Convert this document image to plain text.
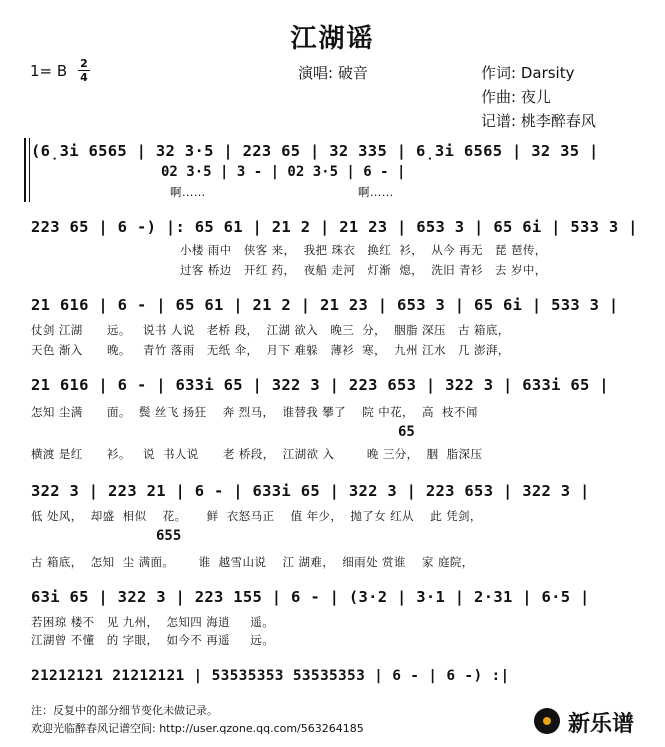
江湖谣
1= B 2
4	演唱: 破音	作词: Darsity
作曲: 夜儿
记谱: 桃李醉春风
(6̣3i 6565 | 32 3·5 | 223 65 | 32 335 | 6̣3i 6565 | 32 35 |
02 3·5 | 3 - | 02 3·5 | 6 - |
啊……	啊……
223 65 | 6 -) |: 65 61 | 21 2 | 21 23 | 653 3 | 65 6i | 533 3 |
小楼 雨中   侠客 来，  我把 珠衣   换红  衫，  从今 再无   琵 琶传，
过客 桥边   开红 药，  夜船 走河   灯渐  熄，  洗旧 青衫   去 岁中，
21 616 | 6 - | 65 61 | 21 2 | 21 23 | 653 3 | 65 6i | 533 3 |
仗剑 江湖      远。   说书 人说   老桥 段，  江湖 欲入   晚三  分，  胭脂 深压   古 箱底，
天色 渐入      晚。   青竹 落雨   无纸 伞，  月下 难躲   薄衫  寒，  九州 江水   几 澎湃，
21 616 | 6 - | 633i 65 | 322 3 | 223 653 | 322 3 | 633i 65 |
怎知 尘满      面。  鬓 丝飞 扬狂    奔 烈马，  谁替我 攀了    院 中花，  高  枝不闻
65
横渡 是红      衫。   说  书人说      老 桥段，  江湖欲 入        晚 三分，  胭  脂深压
322 3 | 223 21 | 6 - | 633i 65 | 322 3 | 223 653 | 322 3 |
低 处风，  却盛  相似    花。     鲜  衣怒马正    值 年少，  抛了女 红从    此 凭剑，
655
古 箱底，  怎知  尘 满面。      谁  越雪山说    江 湖难，  细雨处 赏谁    家 庭院，
63i 65 | 322 3 | 223 155 | 6 - | (3·2 | 3·1 | 2·31 | 6·5 |
若困琼 楼不   见 九州，  怎知四 海逍     遥。
江湖曾 不懂   的 字眼，  如今不 再遥     远。
21212121 21212121 | 53535353 53535353 | 6 - | 6 -) :|
注：反复中的部分细节变化未做记录。
欢迎光临醉春风记谱空间: http://user.qzone.qq.com/563264185	新乐谱
